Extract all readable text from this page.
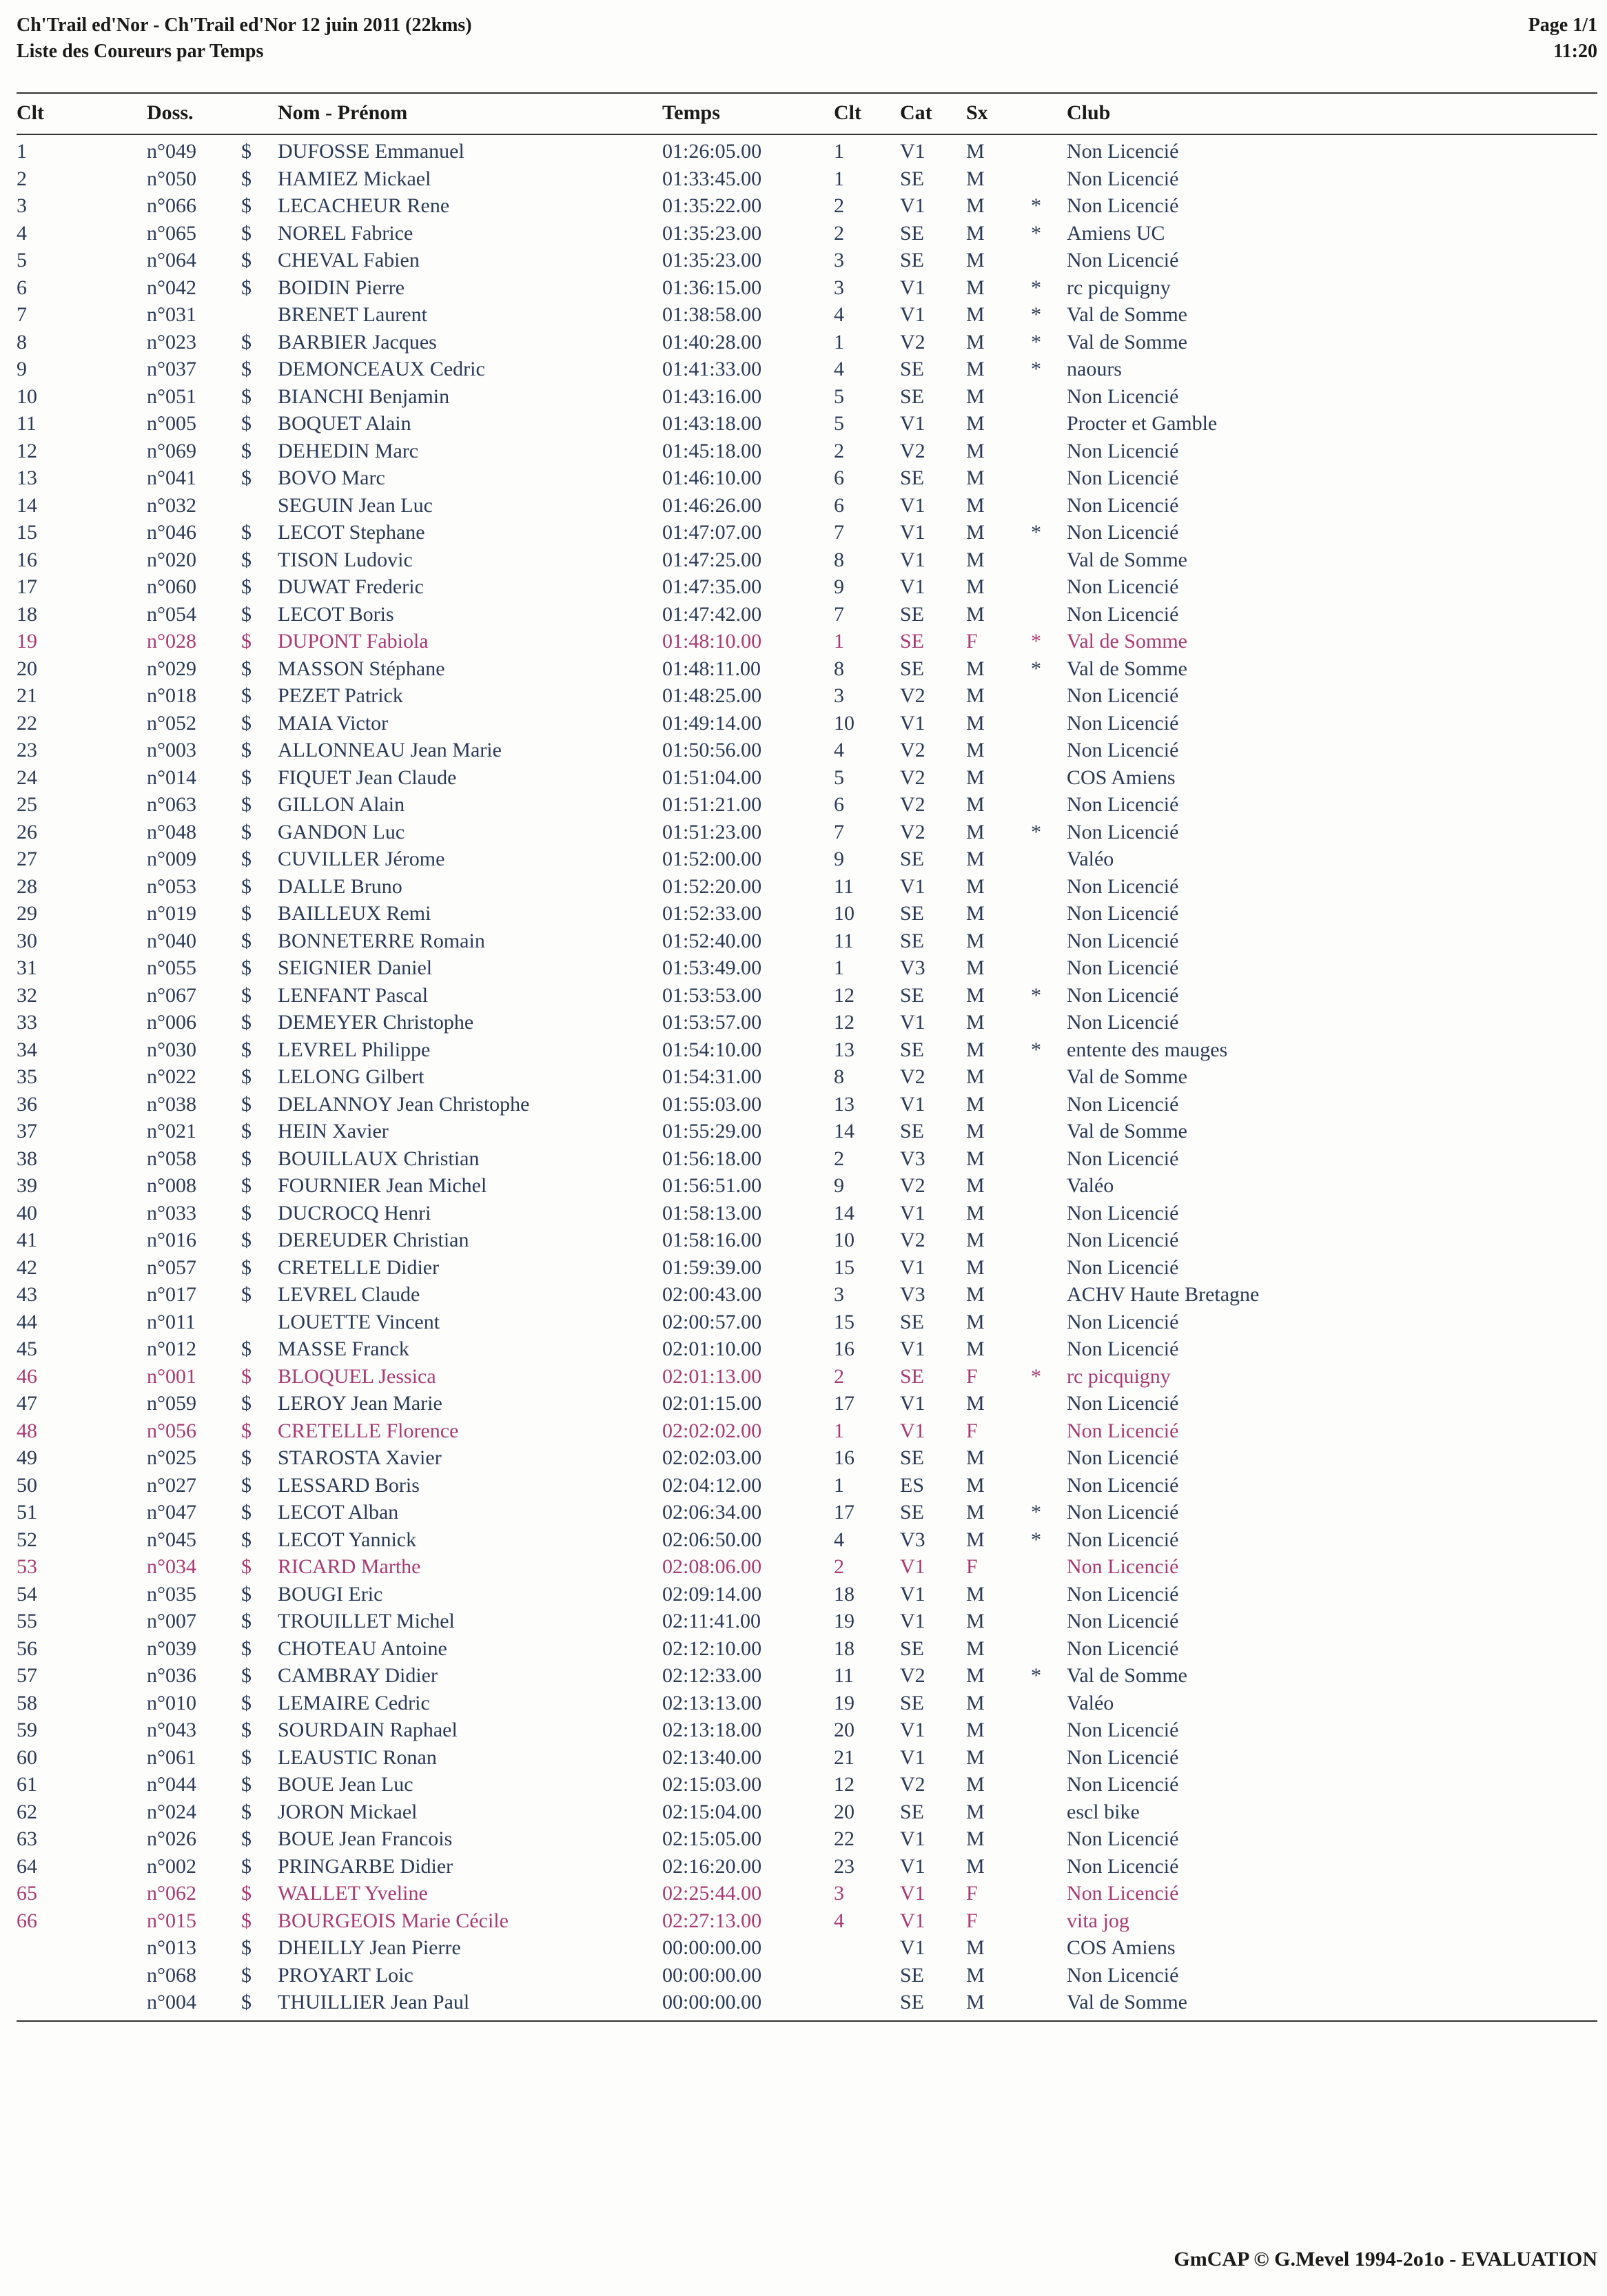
Ch'Trail ed'Nor - Ch'Trail ed'Nor 12 juin 2011 (22kms)
Liste des Coureurs par Temps
Page 1/1
11:20
Clt	Doss.	Nom - Prénom	Temps	Clt Cat Sx	Club
1	n°049 $ DUFOSSE Emmanuel	01:26:05.00	1	V1 M	Non Licencié
2	n°050 $ HAMIEZ Mickael	01:33:45.00	1	SE M	Non Licencié
3	n°066 $ LECACHEUR Rene	01:35:22.00	2	V1 M * Non Licencié
4	n°065 $ NOREL Fabrice	01:35:23.00	2	SE M * Amiens UC
5	n°064 $ CHEVAL Fabien	01:35:23.00	3	SE M	Non Licencié
6	n°042 $ BOIDIN Pierre	01:36:15.00	3	V1 M * rc picquigny
7	n°031	BRENET Laurent	01:38:58.00	4	V1 M * Val de Somme
8	n°023 $ BARBIER Jacques	01:40:28.00	1	V2 M * Val de Somme
9	n°037 $ DEMONCEAUX Cedric	01:41:33.00	4	SE M * naours
10	n°051 $ BIANCHI Benjamin	01:43:16.00	5	SE M	Non Licencié
11	n°005 $ BOQUET Alain	01:43:18.00	5	V1 M	Procter et Gamble
12	n°069 $ DEHEDIN Marc	01:45:18.00	2	V2 M	Non Licencié
13	n°041 $ BOVO Marc	01:46:10.00	6	SE M	Non Licencié
14	n°032	SEGUIN Jean Luc	01:46:26.00	6	V1 M	Non Licencié
15	n°046 $ LECOT Stephane	01:47:07.00	7	V1 M * Non Licencié
16	n°020 $ TISON Ludovic	01:47:25.00	8	V1 M	Val de Somme
17	n°060 $ DUWAT Frederic	01:47:35.00	9	V1 M	Non Licencié
18	n°054 $ LECOT Boris	01:47:42.00	7	SE M	Non Licencié
19	n°028 $ DUPONT Fabiola	01:48:10.00	1	SE F	* Val de Somme
20	n°029 $ MASSON Stéphane	01:48:11.00	8	SE M * Val de Somme
21	n°018 $ PEZET Patrick	01:48:25.00	3	V2 M	Non Licencié
22	n°052 $ MAIA Victor	01:49:14.00	10 V1 M	Non Licencié
23	n°003 $ ALLONNEAU Jean Marie	01:50:56.00	4	V2 M	Non Licencié
24	n°014 $ FIQUET Jean Claude	01:51:04.00	5	V2 M	COS Amiens
25	n°063 $ GILLON Alain	01:51:21.00	6	V2 M	Non Licencié
26	n°048 $ GANDON Luc	01:51:23.00	7	V2 M * Non Licencié
27	n°009 $ CUVILLER Jérome	01:52:00.00	9	SE M	Valéo
28	n°053 $ DALLE Bruno	01:52:20.00	11 V1 M	Non Licencié
29	n°019 $ BAILLEUX Remi	01:52:33.00	10 SE M	Non Licencié
30	n°040 $ BONNETERRE Romain	01:52:40.00	11 SE M	Non Licencié
31	n°055 $ SEIGNIER Daniel	01:53:49.00	1	V3 M	Non Licencié
32	n°067 $ LENFANT Pascal	01:53:53.00	12 SE M * Non Licencié
33	n°006 $ DEMEYER Christophe	01:53:57.00	12 V1 M	Non Licencié
34	n°030 $ LEVREL Philippe	01:54:10.00	13 SE M * entente des mauges
35	n°022 $ LELONG Gilbert	01:54:31.00	8	V2 M	Val de Somme
36	n°038 $ DELANNOY Jean Christophe	01:55:03.00	13 V1 M	Non Licencié
37	n°021 $ HEIN Xavier	01:55:29.00	14 SE M	Val de Somme
38	n°058 $ BOUILLAUX Christian	01:56:18.00	2	V3 M	Non Licencié
39	n°008 $ FOURNIER Jean Michel	01:56:51.00	9	V2 M	Valéo
40	n°033 $ DUCROCQ Henri	01:58:13.00	14 V1 M	Non Licencié
41	n°016 $ DEREUDER Christian	01:58:16.00	10 V2 M	Non Licencié
42	n°057 $ CRETELLE Didier	01:59:39.00	15 V1 M	Non Licencié
43	n°017 $ LEVREL Claude	02:00:43.00	3	V3 M	ACHV Haute Bretagne
44	n°011	LOUETTE Vincent	02:00:57.00	15 SE M	Non Licencié
45	n°012 $ MASSE Franck	02:01:10.00	16 V1 M	Non Licencié
46	n°001 $ BLOQUEL Jessica	02:01:13.00	2	SE F	* rc picquigny
47	n°059 $ LEROY Jean Marie	02:01:15.00	17 V1 M	Non Licencié
48	n°056 $ CRETELLE Florence	02:02:02.00	1	V1 F	Non Licencié
49	n°025 $ STAROSTA Xavier	02:02:03.00	16 SE M	Non Licencié
50	n°027 $ LESSARD Boris	02:04:12.00	1	ES M	Non Licencié
51	n°047 $ LECOT Alban	02:06:34.00	17 SE M * Non Licencié
52	n°045 $ LECOT Yannick	02:06:50.00	4	V3 M * Non Licencié
53	n°034 $ RICARD Marthe	02:08:06.00	2	V1 F	Non Licencié
54	n°035 $ BOUGI Eric	02:09:14.00	18 V1 M	Non Licencié
55	n°007 $ TROUILLET Michel	02:11:41.00	19 V1 M	Non Licencié
56	n°039 $ CHOTEAU Antoine	02:12:10.00	18 SE M	Non Licencié
57	n°036 $ CAMBRAY Didier	02:12:33.00	11 V2 M * Val de Somme
58	n°010 $ LEMAIRE Cedric	02:13:13.00	19 SE M	Valéo
59	n°043 $ SOURDAIN Raphael	02:13:18.00	20 V1 M	Non Licencié
60	n°061 $ LEAUSTIC Ronan	02:13:40.00	21 V1 M	Non Licencié
61	n°044 $ BOUE Jean Luc	02:15:03.00	12 V2 M	Non Licencié
62	n°024 $ JORON Mickael	02:15:04.00	20 SE M	escl bike
63	n°026 $ BOUE Jean Francois	02:15:05.00	22 V1 M	Non Licencié
64	n°002 $ PRINGARBE Didier	02:16:20.00	23 V1 M	Non Licencié
65	n°062 $ WALLET Yveline	02:25:44.00	3	V1 F	Non Licencié
66	n°015 $ BOURGEOIS Marie Cécile	02:27:13.00	4	V1 F	vita jog
n°013 $ DHEILLY Jean Pierre	00:00:00.00	V1 M	COS Amiens
n°068 $ PROYART Loic	00:00:00.00	SE M	Non Licencié
n°004 $ THUILLIER Jean Paul	00:00:00.00	SE M	Val de Somme
GmCAP © G.Mevel 1994-2o1o - EVALUATION
